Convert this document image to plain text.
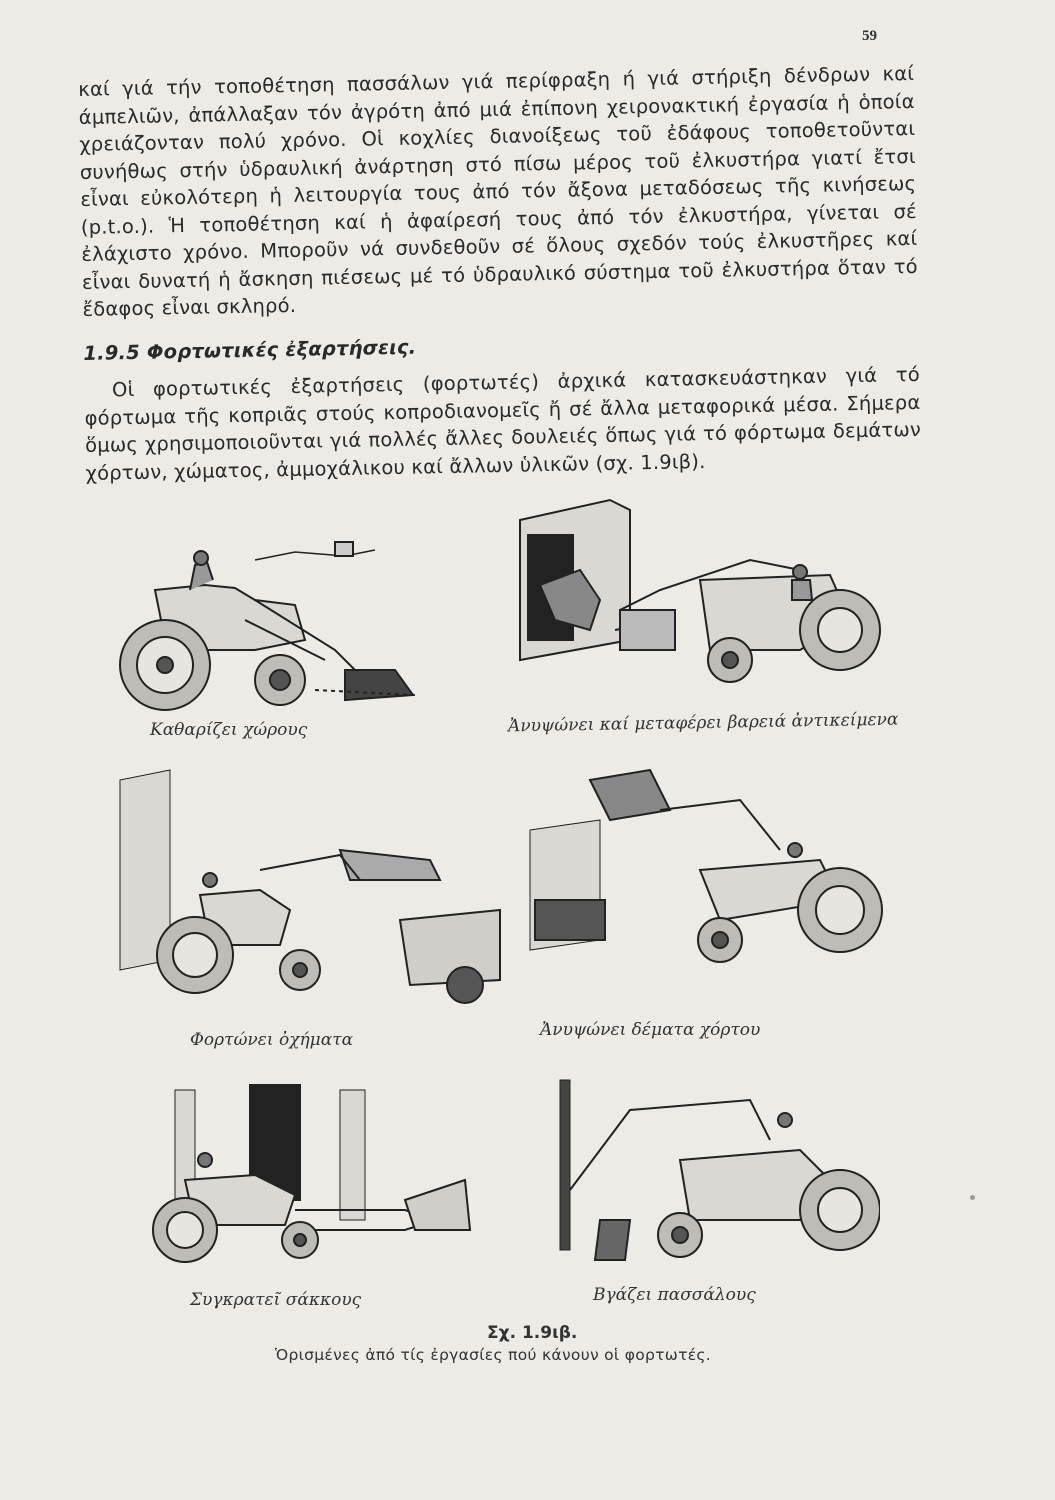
59

καί γιά τήν τοποθέτηση πασσάλων γιά περίφραξη ή γιά στήριξη δένδρων καί άμπελιῶν, ἀπάλλαξαν τόν ἀγρότη ἀπό μιά ἐπίπονη χειρονακτική ἐργασία ἡ ὁποία χρειάζονταν πολύ χρόνο. Οἱ κοχλίες διανοίξεως τοῦ ἐδάφους τοποθετοῦνται συνήθως στήν ὑδραυλική ἀνάρτηση στό πίσω μέρος τοῦ ἐλκυστήρα γιατί ἔτσι εἶναι εὐκολότερη ἡ λειτουργία τους ἀπό τόν ἄξονα μεταδόσεως τῆς κινήσεως (p.t.o.). Ἡ τοποθέτηση καί ἡ ἀφαίρεσή τους ἀπό τόν ἐλκυστήρα, γίνεται σέ ἐλάχιστο χρόνο. Μποροῦν νά συνδεθοῦν σέ ὅλους σχεδόν τούς ἐλκυστῆρες καί εἶναι δυνατή ἡ ἄσκηση πιέσεως μέ τό ὑδραυλικό σύστημα τοῦ ἐλκυστήρα ὅταν τό ἔδαφος εἶναι σκληρό.

1.9.5 Φορτωτικές ἐξαρτήσεις.

Οἱ φορτωτικές ἐξαρτήσεις (φορτωτές) ἀρχικά κατασκευάστηκαν γιά τό φόρτωμα τῆς κοπριᾶς στούς κοπροδιανομεῖς ἤ σέ ἄλλα μεταφορικά μέσα. Σήμερα ὅμως χρησιμοποιοῦνται γιά πολλές ἄλλες δουλειές ὅπως γιά τό φόρτωμα δεμάτων χόρτων, χώματος, ἀμμοχάλικου καί ἄλλων ὑλικῶν (σχ. 1.9ιβ).

Καθαρίζει χώρους	Ἀνυψώνει καί μεταφέρει βαρειά ἀντικείμενα
Φορτώνει ὀχήματα	Ἀνυψώνει δέματα χόρτου
Συγκρατεῖ σάκκους	Βγάζει πασσάλους
Σχ. 1.9ιβ.
Ὁρισμένες ἀπό τίς ἐργασίες πού κάνουν οἱ φορτωτές.
